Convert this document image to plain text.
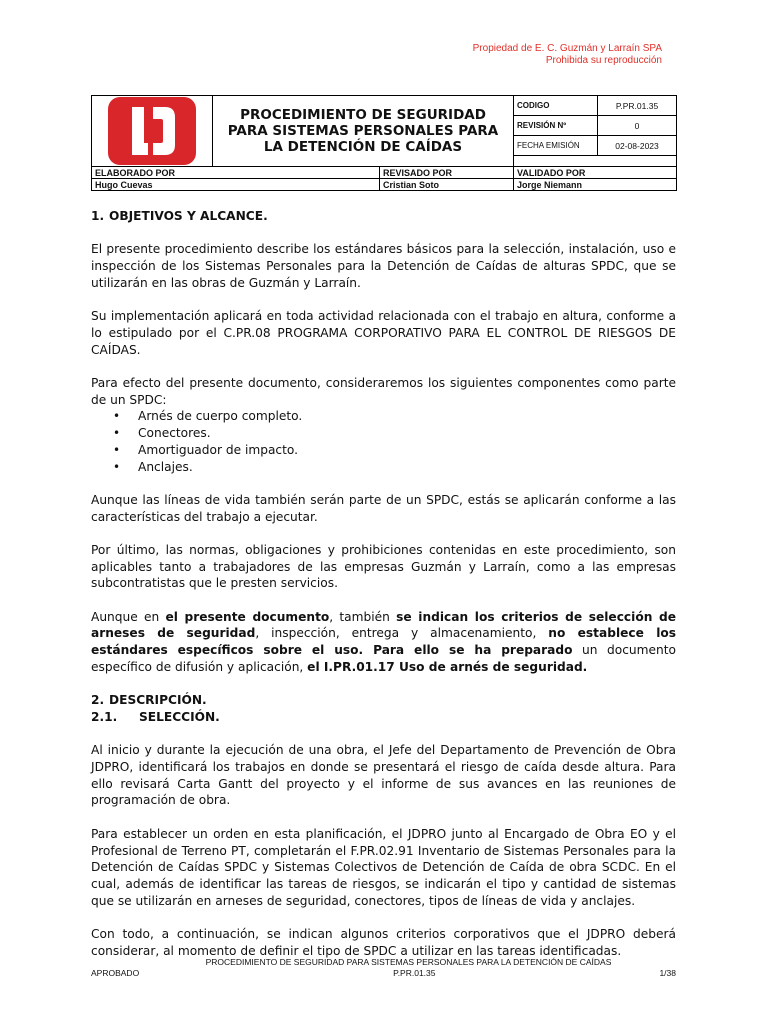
Propiedad de E. C. Guzmán y Larraín SPA
Prohibida su reproducción
	PROCEDIMIENTO DE SEGURIDAD
PARA SISTEMAS PERSONALES PARA
LA DETENCIÓN DE CAÍDAS		CODIGO	P.PR.01.35
			REVISIÓN Nº	0
			FECHA EMISIÓN	02-08-2023

ELABORADO POR		REVISADO POR	VALIDADO POR	
Hugo Cuevas		Cristian Soto	Jorge Niemann	
1. OBJETIVOS Y ALCANCE.

El presente procedimiento describe los estándares básicos para la selección, instalación, uso e inspección de los Sistemas Personales para la Detención de Caídas de alturas SPDC, que se utilizarán en las obras de Guzmán y Larraín.

Su implementación aplicará en toda actividad relacionada con el trabajo en altura, conforme a lo estipulado por el C.PR.08 PROGRAMA CORPORATIVO PARA EL CONTROL DE RIESGOS DE CAÍDAS.

Para efecto del presente documento, consideraremos los siguientes componentes como parte de un SPDC:

• Arnés de cuerpo completo.
• Conectores.
• Amortiguador de impacto.
• Anclajes.

Aunque las líneas de vida también serán parte de un SPDC, estás se aplicarán conforme a las características del trabajo a ejecutar.

Por último, las normas, obligaciones y prohibiciones contenidas en este procedimiento, son aplicables tanto a trabajadores de las empresas Guzmán y Larraín, como a las empresas subcontratistas que le presten servicios.

Aunque en el presente documento, también se indican los criterios de selección de arneses de seguridad, inspección, entrega y almacenamiento, no establece los estándares específicos sobre el uso. Para ello se ha preparado un documento específico de difusión y aplicación, el I.PR.01.17 Uso de arnés de seguridad.

2. DESCRIPCIÓN.
2.1. SELECCIÓN.

Al inicio y durante la ejecución de una obra, el Jefe del Departamento de Prevención de Obra JDPRO, identificará los trabajos en donde se presentará el riesgo de caída desde altura. Para ello revisará Carta Gantt del proyecto y el informe de sus avances en las reuniones de programación de obra.

Para establecer un orden en esta planificación, el JDPRO junto al Encargado de Obra EO y el Profesional de Terreno PT, completarán el F.PR.02.91 Inventario de Sistemas Personales para la Detención de Caídas SPDC y Sistemas Colectivos de Detención de Caída de obra SCDC. En el cual, además de identificar las tareas de riesgos, se indicarán el tipo y cantidad de sistemas que se utilizarán en arneses de seguridad, conectores, tipos de líneas de vida y anclajes.

Con todo, a continuación, se indican algunos criterios corporativos que el JDPRO deberá considerar, al momento de definir el tipo de SPDC a utilizar en las tareas identificadas.

PROCEDIMIENTO DE SEGURIDAD PARA SISTEMAS PERSONALES PARA LA DETENCIÓN DE CAÍDAS
APROBADO	P.PR.01.35	1/38
